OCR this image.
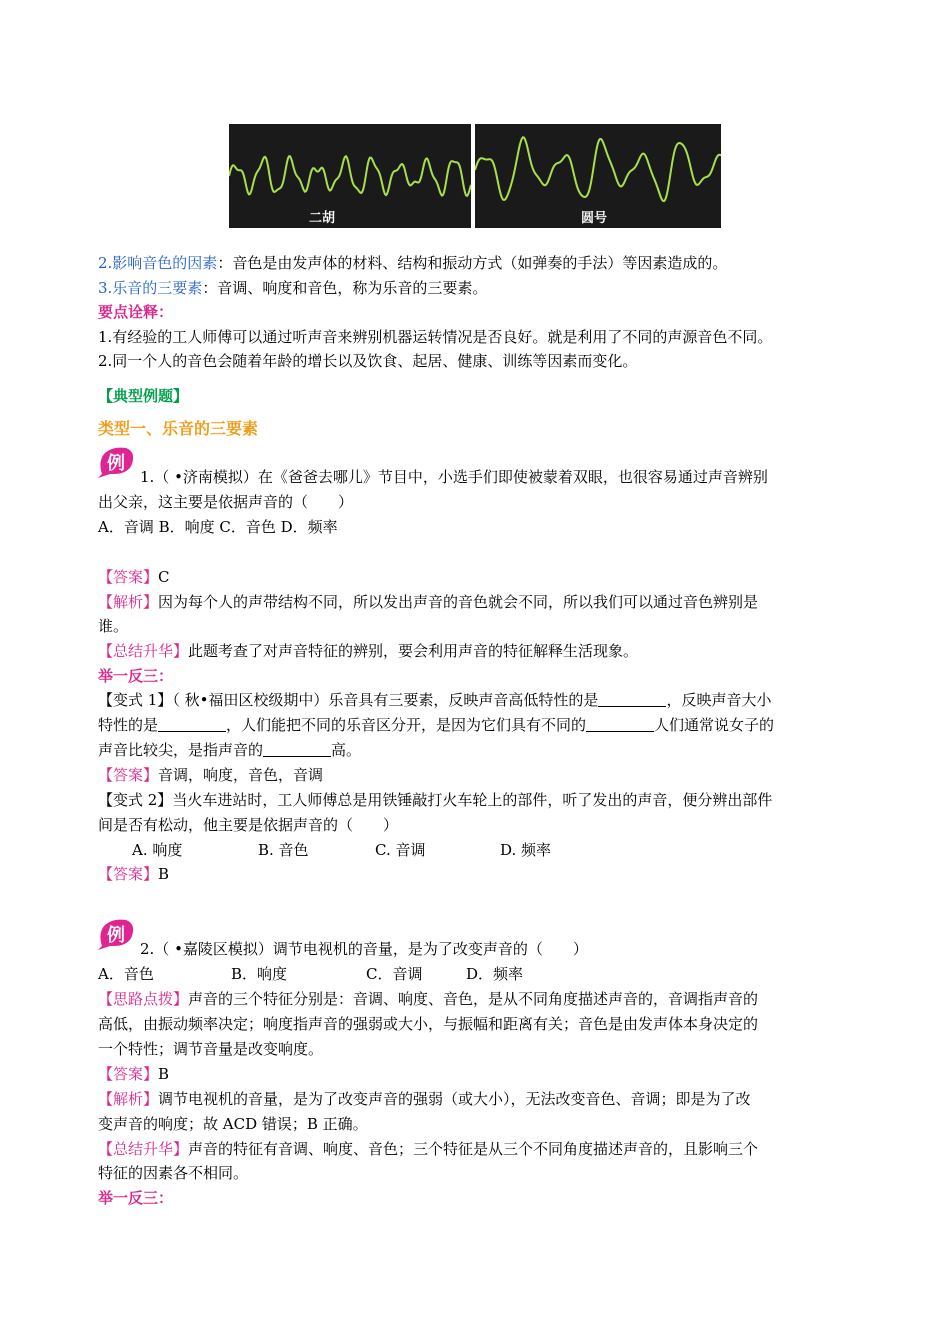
二胡	圆号
2.影响音色的因素：音色是由发声体的材料、结构和振动方式（如弹奏的手法）等因素造成的。
3.乐音的三要素：音调、响度和音色，称为乐音的三要素。
要点诠释：
1.有经验的工人师傅可以通过听声音来辨别机器运转情况是否良好。就是利用了不同的声源音色不同。
2.同一个人的音色会随着年龄的增长以及饮食、起居、健康、训练等因素而变化。
【典型例题】
类型一、乐音的三要素
例
1.（ •济南模拟）在《爸爸去哪儿》节目中，小选手们即使被蒙着双眼，也很容易通过声音辨别
出父亲，这主要是依据声音的（　　）
A．音调 B．响度 C．音色 D．频率
【答案】C
【解析】因为每个人的声带结构不同，所以发出声音的音色就会不同，所以我们可以通过音色辨别是
谁。
【总结升华】此题考查了对声音特征的辨别，要会利用声音的特征解释生活现象。
举一反三：
【变式 1】（ 秋•福田区校级期中）乐音具有三要素，反映声音高低特性的是	，反映声音大小
特性的是	，人们能把不同的乐音区分开，是因为它们具有不同的	人们通常说女子的
声音比较尖，是指声音的	高。
【答案】音调，响度，音色，音调
【变式 2】当火车进站时，工人师傅总是用铁锤敲打火车轮上的部件，听了发出的声音，便分辨出部件
间是否有松动，他主要是依据声音的（　　）
A. 响度	B. 音色	C. 音调	D. 频率
【答案】B
例
2.（ •嘉陵区模拟）调节电视机的音量，是为了改变声音的（　　）
A．音色	B．响度	C．音调	D．频率
【思路点拨】声音的三个特征分别是：音调、响度、音色，是从不同角度描述声音的，音调指声音的
高低，由振动频率决定；响度指声音的强弱或大小，与振幅和距离有关；音色是由发声体本身决定的
一个特性；调节音量是改变响度。
【答案】B
【解析】调节电视机的音量，是为了改变声音的强弱（或大小），无法改变音色、音调；即是为了改
变声音的响度；故 ACD 错误；B 正确。
【总结升华】声音的特征有音调、响度、音色；三个特征是从三个不同角度描述声音的，且影响三个
特征的因素各不相同。
举一反三：
